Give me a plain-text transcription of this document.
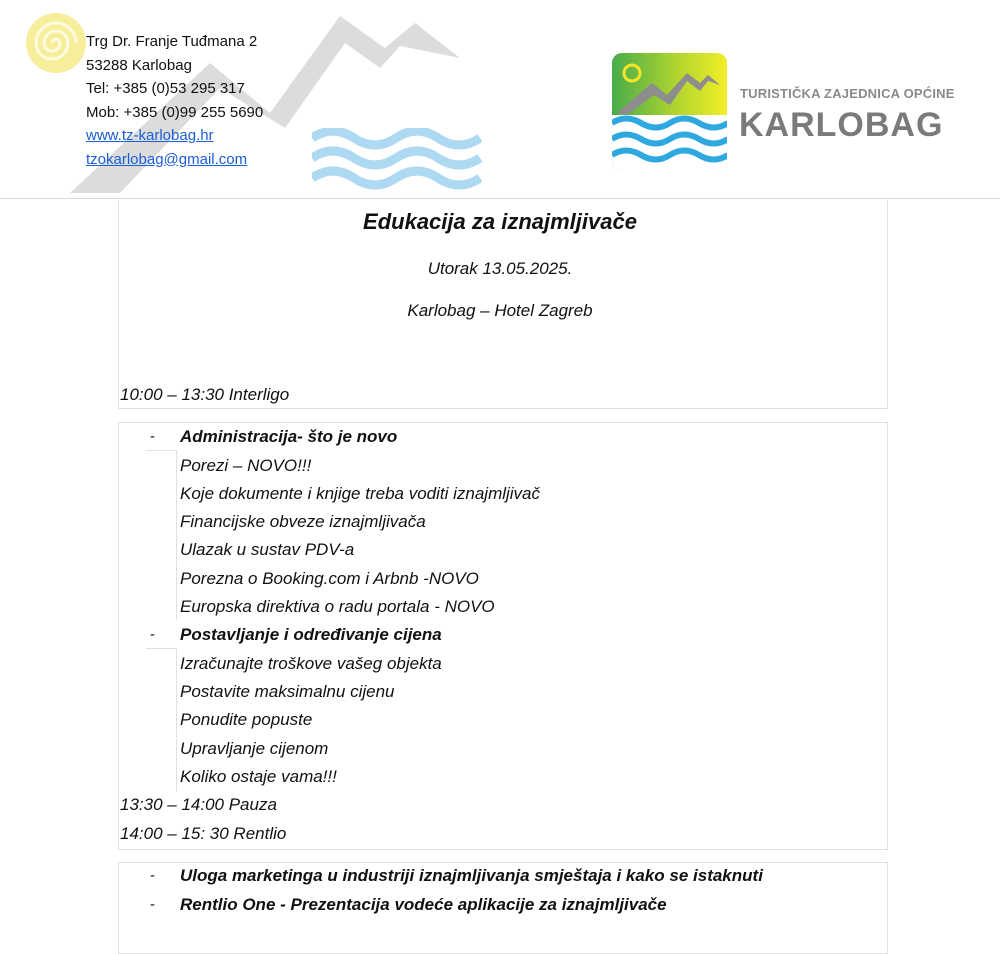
Trg Dr. Franje Tuđmana 2
53288 Karlobag
Tel: +385 (0)53 295 317
Mob: +385 (0)99 255 5690
www.tz-karlobag.hr
tzokarlobag@gmail.com
TURISTIČKA ZAJEDNICA OPĆINE
KARLOBAG
Edukacija za iznajmljivače
Utorak 13.05.2025.
Karlobag – Hotel Zagreb
10:00 – 13:30 Interligo
- Administracija- što je novo
Porezi – NOVO!!!
Koje dokumente i knjige treba voditi iznajmljivač
Financijske obveze iznajmljivača
Ulazak u sustav PDV-a
Porezna o Booking.com i Arbnb -NOVO
Europska direktiva o radu portala - NOVO
- Postavljanje i određivanje cijena
Izračunajte troškove vašeg objekta
Postavite maksimalnu cijenu
Ponudite popuste
Upravljanje cijenom
Koliko ostaje vama!!!
13:30 – 14:00 Pauza
14:00 – 15: 30 Rentlio
- Uloga marketinga u industriji iznajmljivanja smještaja i kako se istaknuti
- Rentlio One - Prezentacija vodeće aplikacije za iznajmljivače
